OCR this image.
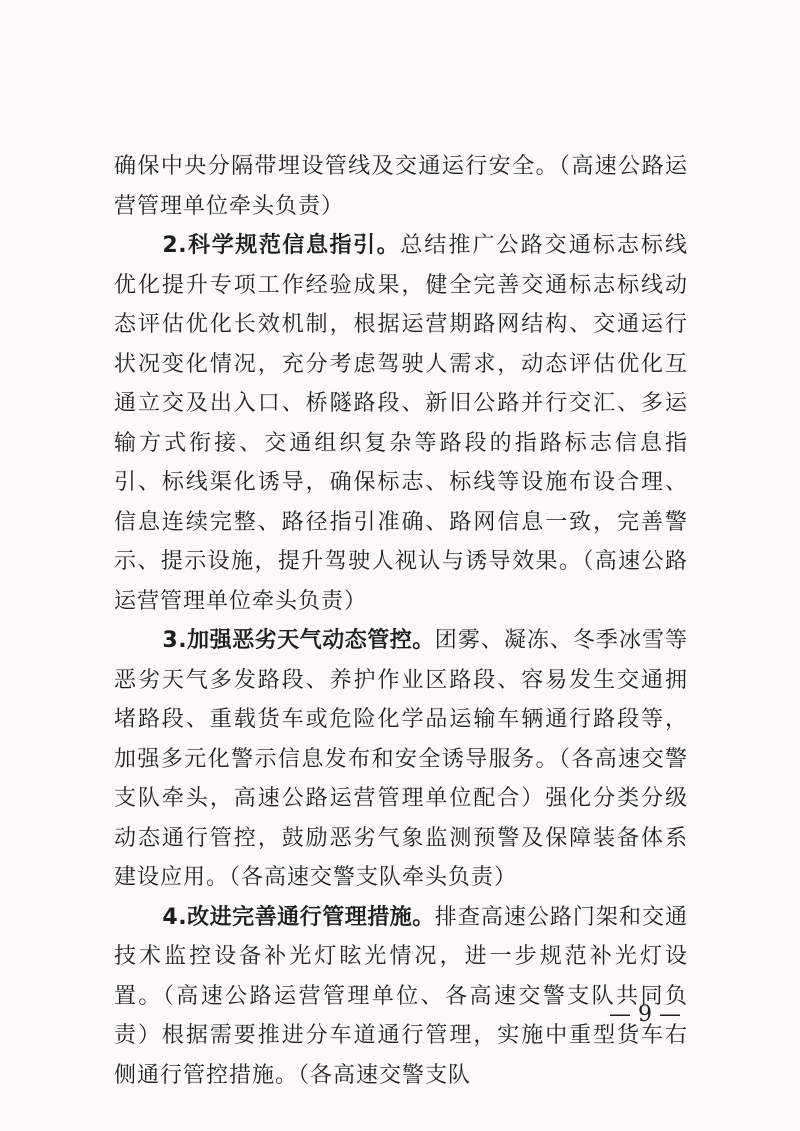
确保中央分隔带埋设管线及交通运行安全。（高速公路运营管理单位牵头负责）

2.科学规范信息指引。总结推广公路交通标志标线优化提升专项工作经验成果，健全完善交通标志标线动态评估优化长效机制，根据运营期路网结构、交通运行状况变化情况，充分考虑驾驶人需求，动态评估优化互通立交及出入口、桥隧路段、新旧公路并行交汇、多运输方式衔接、交通组织复杂等路段的指路标志信息指引、标线渠化诱导，确保标志、标线等设施布设合理、信息连续完整、路径指引准确、路网信息一致，完善警示、提示设施，提升驾驶人视认与诱导效果。（高速公路运营管理单位牵头负责）

3.加强恶劣天气动态管控。团雾、凝冻、冬季冰雪等恶劣天气多发路段、养护作业区路段、容易发生交通拥堵路段、重载货车或危险化学品运输车辆通行路段等，加强多元化警示信息发布和安全诱导服务。（各高速交警支队牵头，高速公路运营管理单位配合）强化分类分级动态通行管控，鼓励恶劣气象监测预警及保障装备体系建设应用。（各高速交警支队牵头负责）

4.改进完善通行管理措施。排查高速公路门架和交通技术监控设备补光灯眩光情况，进一步规范补光灯设置。（高速公路运营管理单位、各高速交警支队共同负责）根据需要推进分车道通行管理，实施中重型货车右侧通行管控措施。（各高速交警支队

— 9 —
